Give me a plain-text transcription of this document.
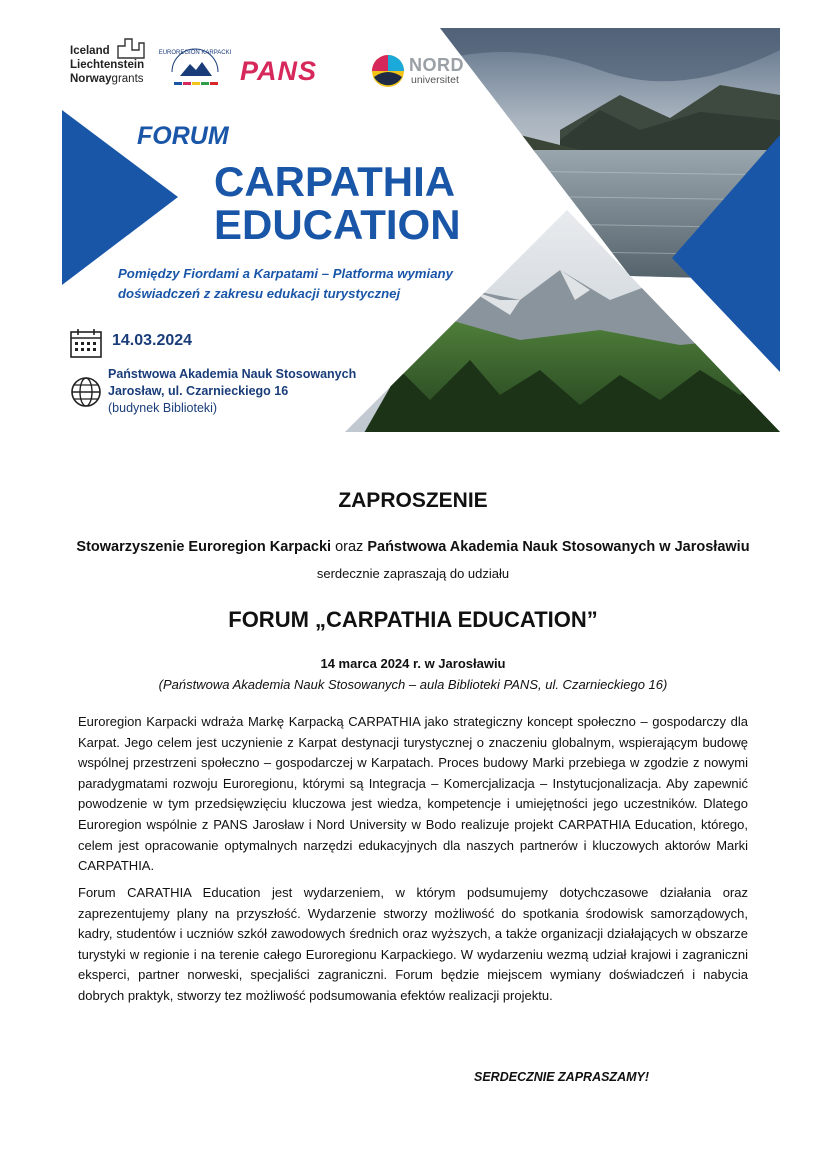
Iceland
Liechtenstein
Norwaygrants
EUROREGION KARPACKI
PANS	NORD
universitet
FORUM
CARPATHIA
EDUCATION
Pomiędzy Fiordami a Karpatami – Platforma wymiany
doświadczeń z zakresu edukacji turystycznej
14.03.2024
Państwowa Akademia Nauk Stosowanych
Jarosław, ul. Czarnieckiego 16
(budynek Biblioteki)
ZAPROSZENIE
Stowarzyszenie Euroregion Karpacki oraz Państwowa Akademia Nauk Stosowanych w Jarosławiu
serdecznie zapraszają do udziału
FORUM „CARPATHIA EDUCATION”
14 marca 2024 r. w Jarosławiu
(Państwowa Akademia Nauk Stosowanych – aula Biblioteki PANS, ul. Czarnieckiego 16)
Euroregion Karpacki wdraża Markę Karpacką CARPATHIA jako strategiczny koncept społeczno – gospodarczy dla Karpat. Jego celem jest uczynienie z Karpat destynacji turystycznej o znaczeniu globalnym, wspierającym budowę wspólnej przestrzeni społeczno – gospodarczej w Karpatach. Proces budowy Marki przebiega w zgodzie z nowymi paradygmatami rozwoju Euroregionu, którymi są Integracja – Komercjalizacja – Instytucjonalizacja. Aby zapewnić powodzenie w tym przedsięwzięciu kluczowa jest wiedza, kompetencje i umiejętności jego uczestników. Dlatego Euroregion wspólnie z PANS Jarosław i Nord University w Bodo realizuje projekt CARPATHIA Education, którego, celem jest opracowanie optymalnych narzędzi edukacyjnych dla naszych partnerów i kluczowych aktorów Marki CARPATHIA.
Forum CARATHIA Education jest wydarzeniem, w którym podsumujemy dotychczasowe działania oraz zaprezentujemy plany na przyszłość. Wydarzenie stworzy możliwość do spotkania środowisk samorządowych, kadry, studentów i uczniów szkół zawodowych średnich oraz wyższych, a także organizacji działających w obszarze turystyki w regionie i na terenie całego Euroregionu Karpackiego. W wydarzeniu wezmą udział krajowi i zagraniczni eksperci, partner norweski, specjaliści zagraniczni. Forum będzie miejscem wymiany doświadczeń i nabycia dobrych praktyk, stworzy tez możliwość podsumowania efektów realizacji projektu.
SERDECZNIE ZAPRASZAMY!
